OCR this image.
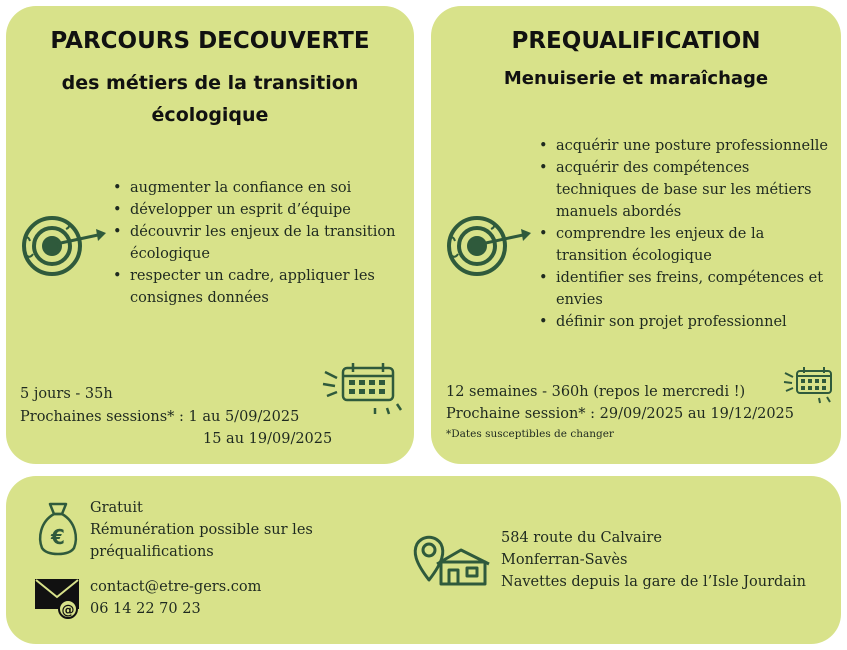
PARCOURS DECOUVERTE
des métiers de la transition
écologique
• augmenter la confiance en soi
• développer un esprit d’équipe
• découvrir les enjeux de la transition écologique
• respecter un cadre, appliquer les consignes données
5 jours - 35h
Prochaines sessions* : 1 au 5/09/2025
15 au 19/09/2025
PREQUALIFICATION
Menuiserie et maraîchage
• acquérir une posture professionnelle
• acquérir des compétences techniques de base sur les métiers manuels abordés
• comprendre les enjeux de la transition écologique
• identifier ses freins, compétences et envies
• définir son projet professionnel
12 semaines - 360h (repos le mercredi !)
Prochaine session* : 29/09/2025 au 19/12/2025
*Dates susceptibles de changer
€
Gratuit
Rémunération possible sur les
préqualifications
@
contact@etre-gers.com
06 14 22 70 23
584 route du Calvaire
Monferran-Savès
Navettes depuis la gare de l’Isle Jourdain
